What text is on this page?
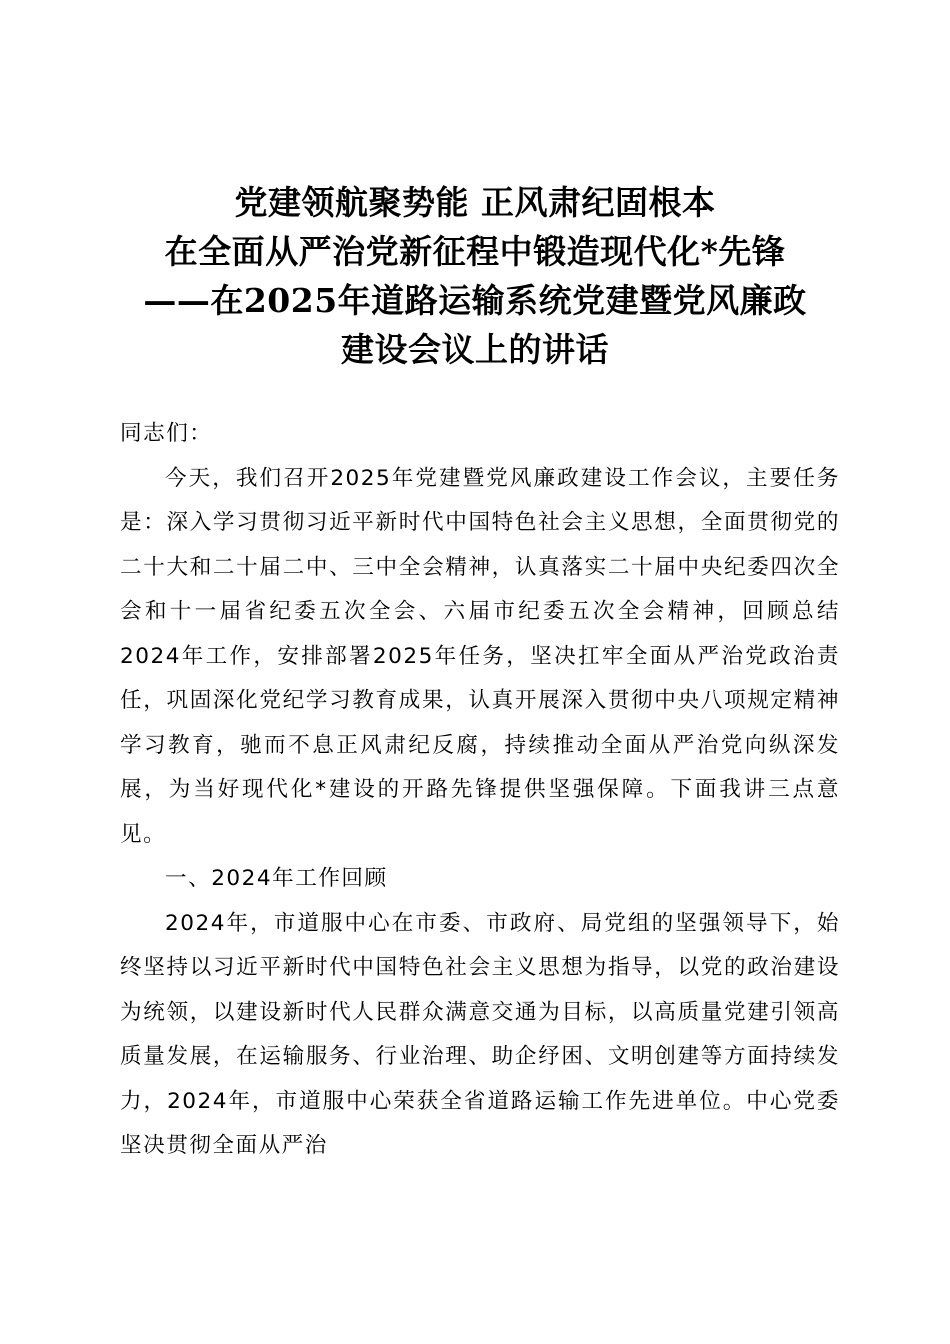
党建领航聚势能 正风肃纪固根本
在全面从严治党新征程中锻造现代化*先锋
——在2025年道路运输系统党建暨党风廉政
建设会议上的讲话

同志们：

今天，我们召开2025年党建暨党风廉政建设工作会议，主要任务是：深入学习贯彻习近平新时代中国特色社会主义思想，全面贯彻党的二十大和二十届二中、三中全会精神，认真落实二十届中央纪委四次全会和十一届省纪委五次全会、六届市纪委五次全会精神，回顾总结2024年工作，安排部署2025年任务，坚决扛牢全面从严治党政治责任，巩固深化党纪学习教育成果，认真开展深入贯彻中央八项规定精神学习教育，驰而不息正风肃纪反腐，持续推动全面从严治党向纵深发展，为当好现代化*建设的开路先锋提供坚强保障。下面我讲三点意见。

一、2024年工作回顾

2024年，市道服中心在市委、市政府、局党组的坚强领导下，始终坚持以习近平新时代中国特色社会主义思想为指导，以党的政治建设为统领，以建设新时代人民群众满意交通为目标，以高质量党建引领高质量发展，在运输服务、行业治理、助企纾困、文明创建等方面持续发力，2024年，市道服中心荣获全省道路运输工作先进单位。中心党委坚决贯彻全面从严治
